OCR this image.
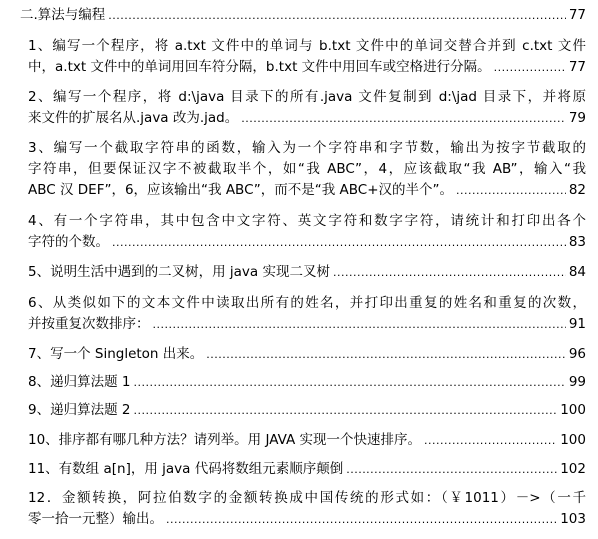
二.算法与编程 .....	77
1、编写一个程序，将 a.txt 文件中的单词与 b.txt 文件中的单词交替合并到 c.txt 文件
中，a.txt 文件中的单词用回车符分隔，b.txt 文件中用回车或空格进行分隔。 .....	77
2、编写一个程序，将 d:\java 目录下的所有.java 文件复制到 d:\jad 目录下，并将原
来文件的扩展名从.java 改为.jad。 .....	79
3、编写一个截取字符串的函数，输入为一个字符串和字节数，输出为按字节截取的
字符串，但要保证汉字不被截取半个，如“我 ABC”，4，应该截取“我 AB”，输入“我
ABC 汉 DEF”，6，应该输出“我 ABC”，而不是“我 ABC+汉的半个”。 .....	82
4、有一个字符串，其中包含中文字符、英文字符和数字字符，请统计和打印出各个
字符的个数。 .....	83
5、说明生活中遇到的二叉树，用 java 实现二叉树 .....	84
6、从类似如下的文本文件中读取出所有的姓名，并打印出重复的姓名和重复的次数，
并按重复次数排序： .....	91
7、写一个 Singleton 出来。 .....	96
8、递归算法题 1 .....	99
9、递归算法题 2 .....	100
10、排序都有哪几种方法？请列举。用 JAVA 实现一个快速排序。 .....	100
11、有数组 a[n]，用 java 代码将数组元素顺序颠倒 .....	102
12．金额转换，阿拉伯数字的金额转换成中国传统的形式如：（￥1011）－>（一千
零一拾一元整）输出。 .....	103
